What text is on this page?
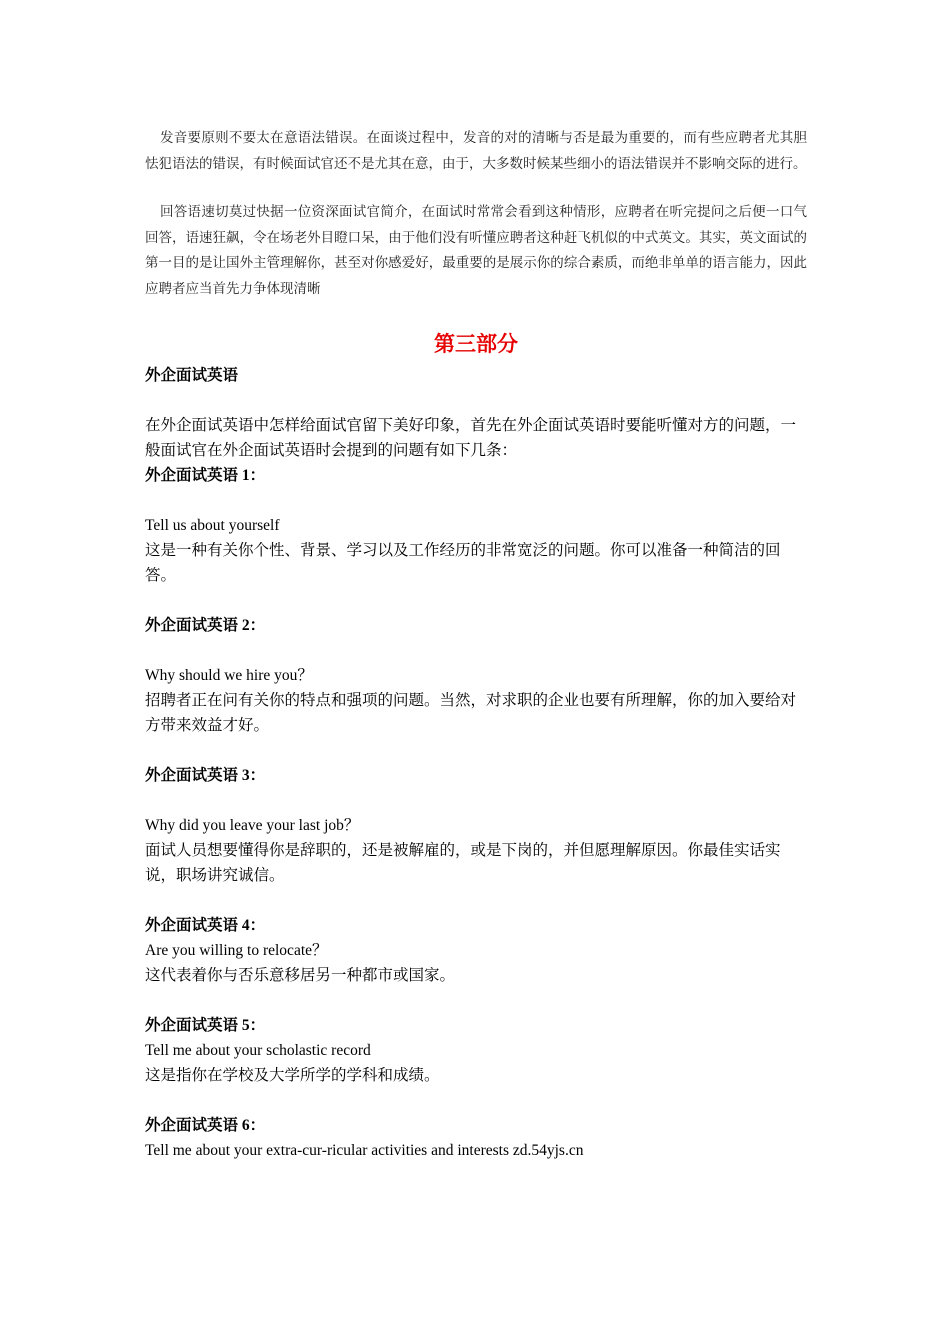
发音要原则不要太在意语法错误。在面谈过程中，发音的对的清晰与否是最为重要的，而有些应聘者尤其胆怯犯语法的错误，有时候面试官还不是尤其在意，由于，大多数时候某些细小的语法错误并不影响交际的进行。

回答语速切莫过快据一位资深面试官简介，在面试时常常会看到这种情形，应聘者在听完提问之后便一口气回答，语速狂飙，令在场老外目瞪口呆，由于他们没有听懂应聘者这种赶飞机似的中式英文。其实，英文面试的第一目的是让国外主管理解你，甚至对你感爱好，最重要的是展示你的综合素质，而绝非单单的语言能力，因此应聘者应当首先力争体现清晰

第三部分

外企面试英语

在外企面试英语中怎样给面试官留下美好印象，首先在外企面试英语时要能听懂对方的问题，一般面试官在外企面试英语时会提到的问题有如下几条：

外企面试英语 1：

Tell us about yourself

这是一种有关你个性、背景、学习以及工作经历的非常宽泛的问题。你可以准备一种简洁的回答。

外企面试英语 2：

Why should we hire you？

招聘者正在问有关你的特点和强项的问题。当然，对求职的企业也要有所理解，你的加入要给对方带来效益才好。

外企面试英语 3：

Why did you leave your last job？

面试人员想要懂得你是辞职的，还是被解雇的，或是下岗的，并但愿理解原因。你最佳实话实说，职场讲究诚信。

外企面试英语 4：

Are you willing to relocate？

这代表着你与否乐意移居另一种都市或国家。

外企面试英语 5：

Tell me about your scholastic record

这是指你在学校及大学所学的学科和成绩。

外企面试英语 6：

Tell me about your extra-cur-ricular activities and interests zd.54yjs.cn
